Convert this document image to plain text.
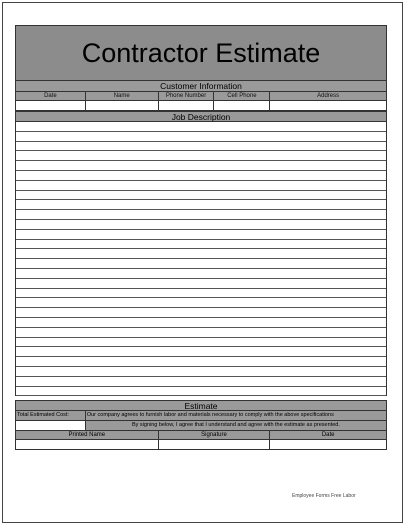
Contractor Estimate
Customer Information
Date	Name	Phone Number	Cell Phone	Address
Job Description
Estimate
Total Estimated Cost:	Our company agrees to furnish labor and materials necessary to comply with the above specifications
By signing below, I agree that I understand and agree with the estimate as presented.
Printed Name	Signature	Date
Employee Forms Free Labor
